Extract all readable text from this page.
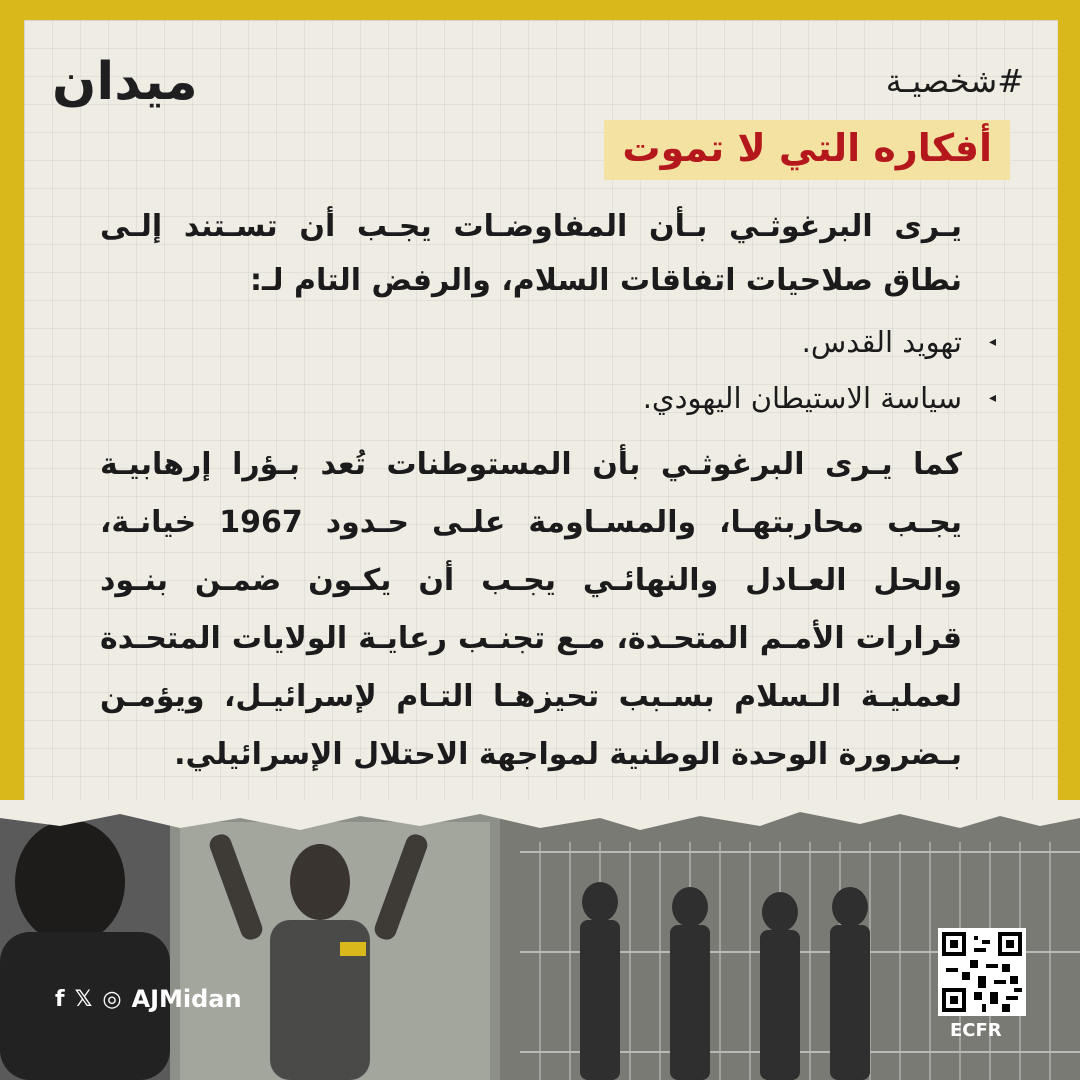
ميدان	#شخصيـة
أفكاره التي لا تموت

يـرى البرغوثـي بـأن المفاوضـات يجـب أن تسـتند إلـى نطاق صلاحيات اتفاقات السلام، والرفض التام لـ:

◂
تهويد القدس.
◂
سياسة الاستيطان اليهودي.

كما يـرى البرغوثـي بأن المستوطنات تُعد بـؤرا إرهابيـة يجـب محاربتهـا، والمسـاومة علـى حـدود 1967 خيانـة، والحل العـادل والنهائـي يجـب أن يكـون ضمـن بنـود قرارات الأمـم المتحـدة، مـع تجنـب رعايـة الولايات المتحـدة لعمليـة الـسلام بسـبب تحيزهـا التـام لإسرائيـل، ويؤمـن بـضرورة الوحدة الوطنية لمواجهة الاحتلال الإسرائيلي.

f 𝕏 ◎ AJMidan
ECFR
